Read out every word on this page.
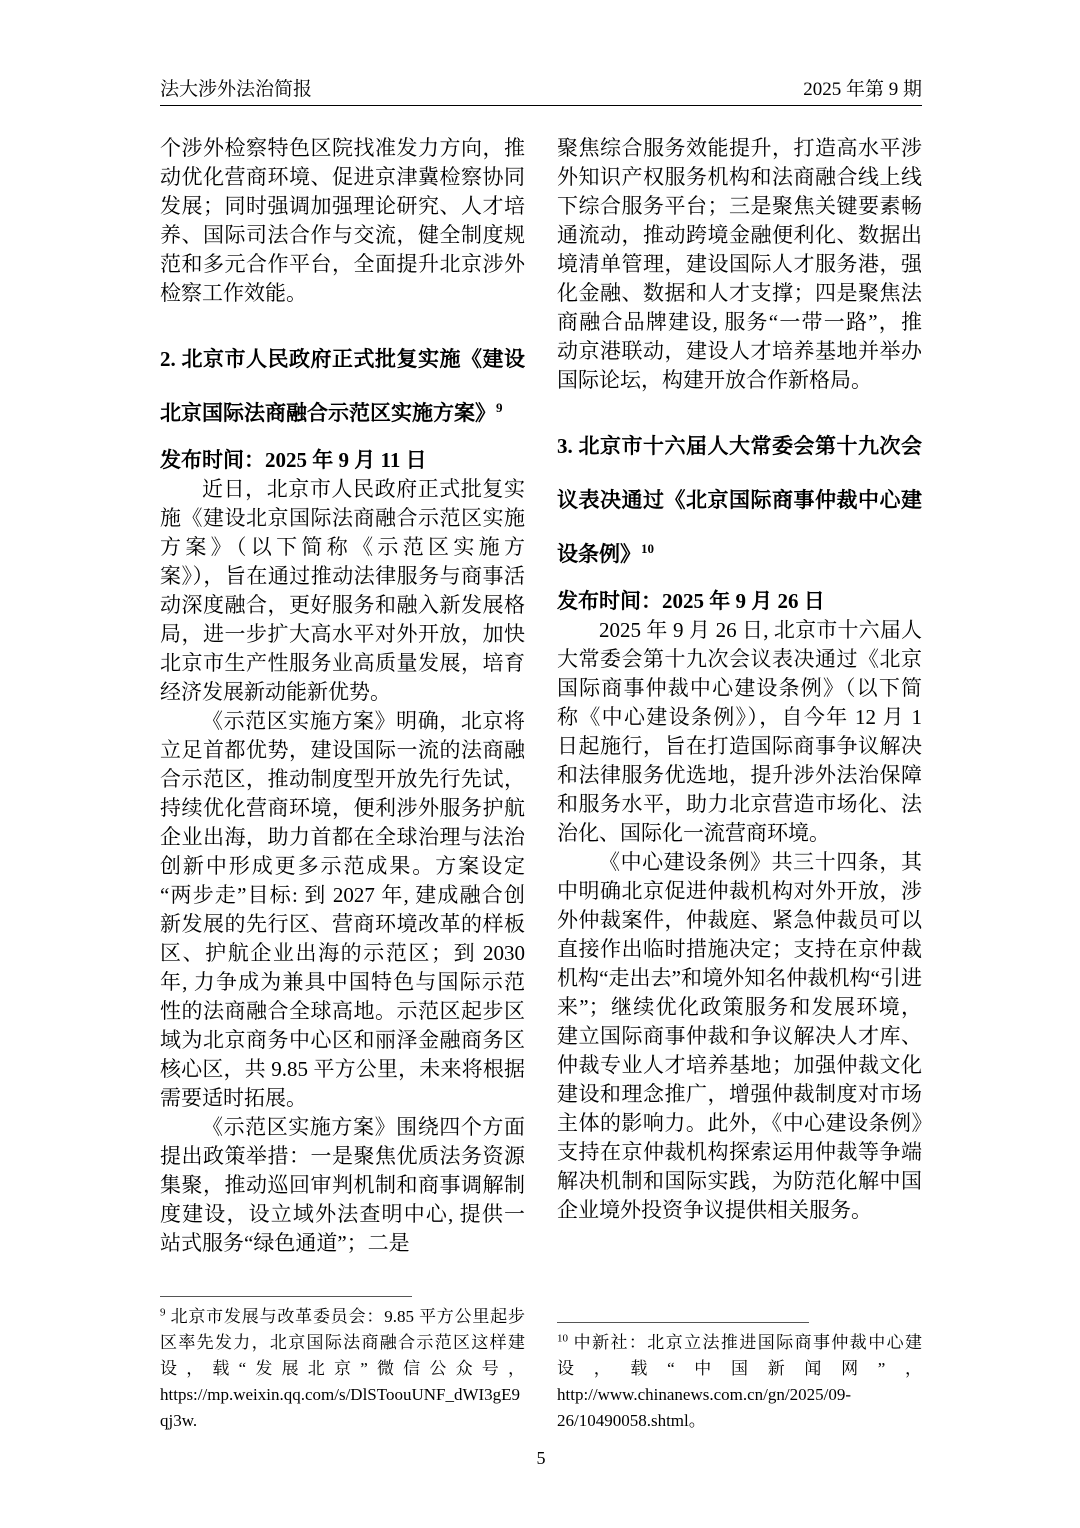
法大涉外法治简报	2025 年第 9 期

个涉外检察特色区院找准发力方向，推动优化营商环境、促进京津冀检察协同发展；同时强调加强理论研究、人才培养、国际司法合作与交流，健全制度规范和多元合作平台，全面提升北京涉外检察工作效能。

2. 北京市人民政府正式批复实施《建设北京国际法商融合示范区实施方案》$^9$

发布时间：2025 年 9 月 11 日

近日，北京市人民政府正式批复实施《建设北京国际法商融合示范区实施方案》（以下简称《示范区实施方案》），旨在通过推动法律服务与商事活动深度融合，更好服务和融入新发展格局，进一步扩大高水平对外开放，加快北京市生产性服务业高质量发展，培育经济发展新动能新优势。

《示范区实施方案》明确，北京将立足首都优势，建设国际一流的法商融合示范区，推动制度型开放先行先试，持续优化营商环境，便利涉外服务护航企业出海，助力首都在全球治理与法治创新中形成更多示范成果。方案设定“两步走”目标: 到 2027 年, 建成融合创新发展的先行区、营商环境改革的样板区、护航企业出海的示范区；到 2030 年, 力争成为兼具中国特色与国际示范性的法商融合全球高地。示范区起步区域为北京商务中心区和丽泽金融商务区核心区，共 9.85 平方公里，未来将根据需要适时拓展。

《示范区实施方案》围绕四个方面提出政策举措：一是聚焦优质法务资源集聚，推动巡回审判机制和商事调解制度建设，设立域外法查明中心, 提供一站式服务“绿色通道”；二是

$^9$ 北京市发展与改革委员会：9.85 平方公里起步区率先发力，北京国际法商融合示范区这样建设，载“发展北京”微信公众号，https://mp.weixin.qq.com/s/DlSToouUNF_dWI3gE9qj3w.

聚焦综合服务效能提升，打造高水平涉外知识产权服务机构和法商融合线上线下综合服务平台；三是聚焦关键要素畅通流动，推动跨境金融便利化、数据出境清单管理，建设国际人才服务港，强化金融、数据和人才支撑；四是聚焦法商融合品牌建设, 服务“一带一路”，推动京港联动，建设人才培养基地并举办国际论坛，构建开放合作新格局。

3. 北京市十六届人大常委会第十九次会议表决通过《北京国际商事仲裁中心建设条例》$^{10}$

发布时间：2025 年 9 月 26 日

2025 年 9 月 26 日, 北京市十六届人大常委会第十九次会议表决通过《北京国际商事仲裁中心建设条例》（以下简称《中心建设条例》），自今年 12 月 1 日起施行，旨在打造国际商事争议解决和法律服务优选地，提升涉外法治保障和服务水平，助力北京营造市场化、法治化、国际化一流营商环境。

《中心建设条例》共三十四条，其中明确北京促进仲裁机构对外开放，涉外仲裁案件，仲裁庭、紧急仲裁员可以直接作出临时措施决定；支持在京仲裁机构“走出去”和境外知名仲裁机构“引进来”；继续优化政策服务和发展环境，建立国际商事仲裁和争议解决人才库、仲裁专业人才培养基地；加强仲裁文化建设和理念推广，增强仲裁制度对市场主体的影响力。此外，《中心建设条例》支持在京仲裁机构探索运用仲裁等争端解决机制和国际实践，为防范化解中国企业境外投资争议提供相关服务。

$^{10}$ 中新社：北京立法推进国际商事仲裁中心建设，载“中国新闻网”，http://www.chinanews.com.cn/gn/2025/09-26/10490058.shtml。
5
